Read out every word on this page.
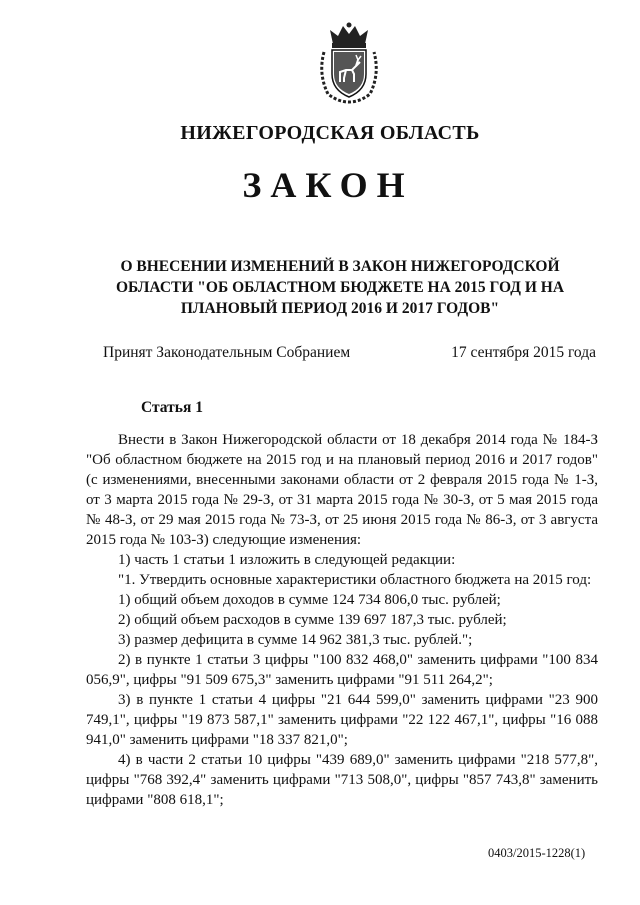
НИЖЕГОРОДСКАЯ ОБЛАСТЬ
ЗАКОН
О ВНЕСЕНИИ ИЗМЕНЕНИЙ В ЗАКОН НИЖЕГОРОДСКОЙ ОБЛАСТИ "ОБ ОБЛАСТНОМ БЮДЖЕТЕ НА 2015 ГОД И НА ПЛАНОВЫЙ ПЕРИОД 2016 И 2017 ГОДОВ"
Принят Законодательным Собранием	17 сентября 2015 года
Статья 1

Внести в Закон Нижегородской области от 18 декабря 2014 года № 184-З "Об областном бюджете на 2015 год и на плановый период 2016 и 2017 годов" (с изменениями, внесенными законами области от 2 февраля 2015 года № 1-З, от 3 марта 2015 года № 29-З, от 31 марта 2015 года № 30-З, от 5 мая 2015 года № 48-З, от 29 мая 2015 года № 73-З, от 25 июня 2015 года № 86-З, от 3 августа 2015 года № 103-З) следующие изменения:

1) часть 1 статьи 1 изложить в следующей редакции:

"1. Утвердить основные характеристики областного бюджета на 2015 год:

1) общий объем доходов в сумме 124 734 806,0 тыс. рублей;

2) общий объем расходов в сумме 139 697 187,3 тыс. рублей;

3) размер дефицита в сумме 14 962 381,3 тыс. рублей.";

2) в пункте 1 статьи 3 цифры "100 832 468,0" заменить цифрами "100 834 056,9", цифры "91 509 675,3" заменить цифрами "91 511 264,2";

3) в пункте 1 статьи 4 цифры "21 644 599,0" заменить цифрами "23 900 749,1", цифры "19 873 587,1" заменить цифрами "22 122 467,1", цифры "16 088 941,0" заменить цифрами "18 337 821,0";

4) в части 2 статьи 10 цифры "439 689,0" заменить цифрами "218 577,8", цифры "768 392,4" заменить цифрами "713 508,0", цифры "857 743,8" заменить цифрами "808 618,1";

0403/2015-1228(1)
